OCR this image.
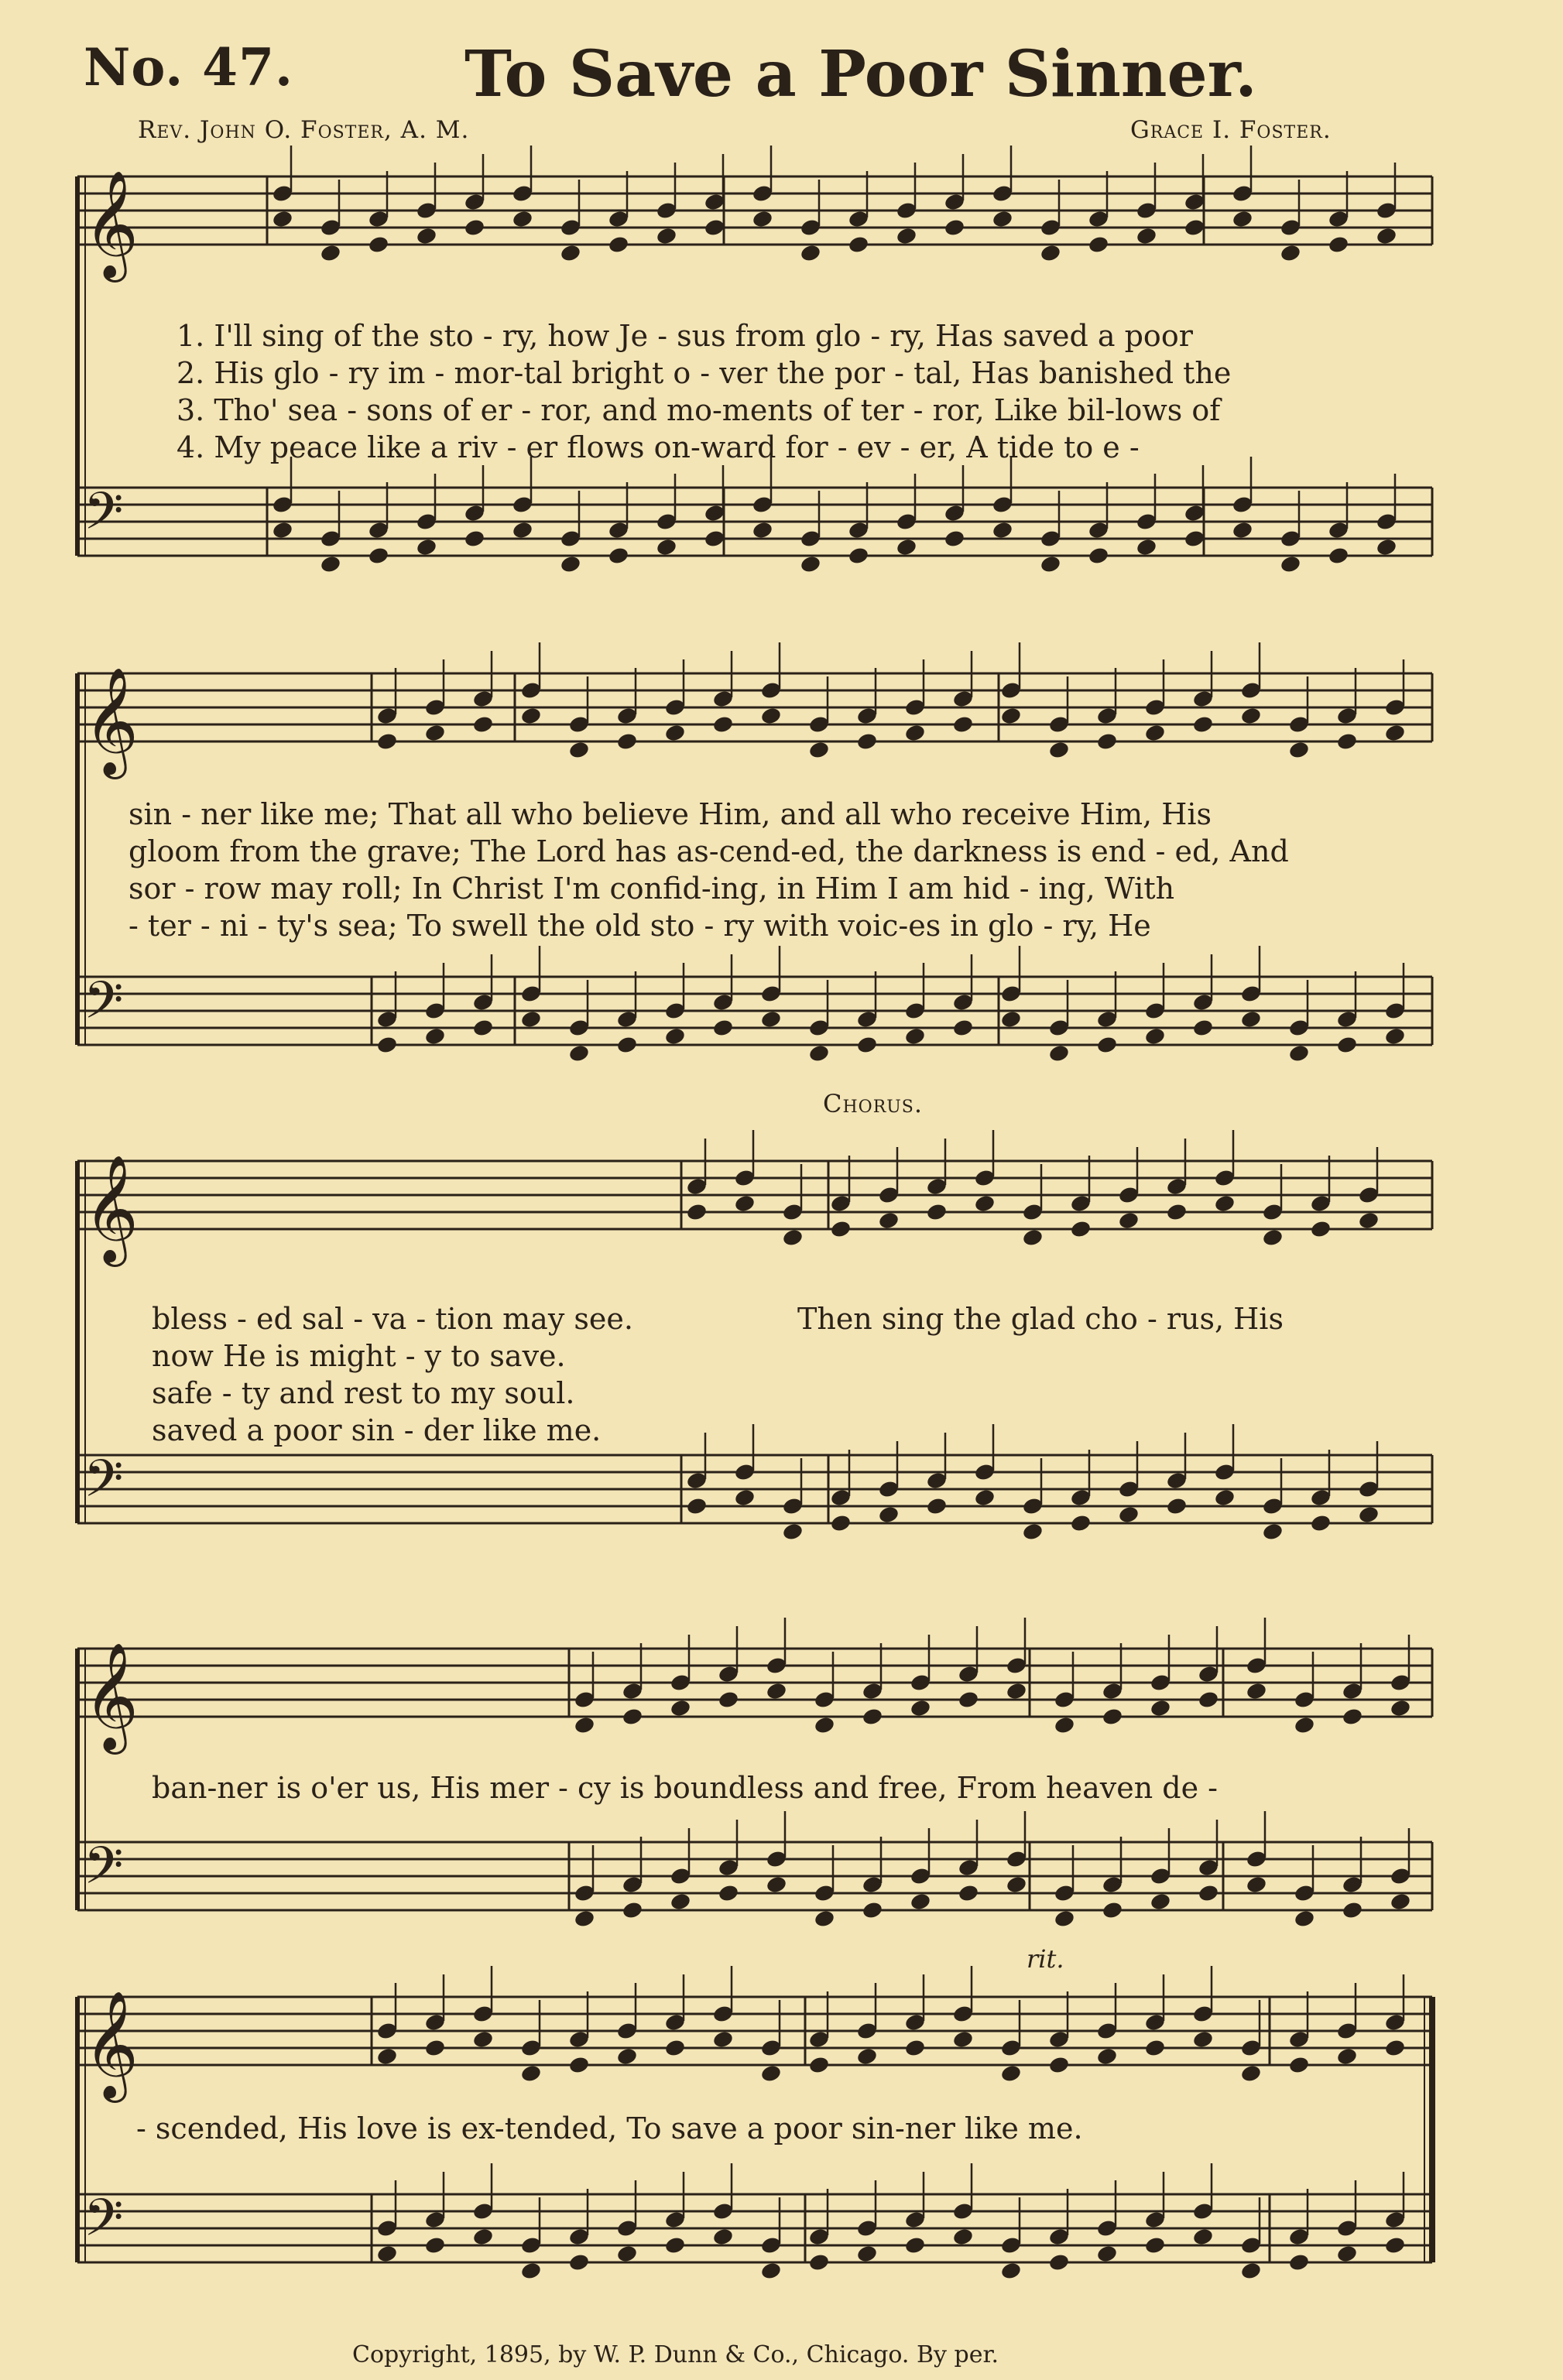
No. 47.	To Save a Poor Sinner.
Rev. John O. Foster, A. M.	Grace I. Foster.
𝄞
𝄢
𝄞
𝄢
𝄞
𝄢
𝄞
𝄢
𝄞
𝄢
1. I'll sing of the sto - ry, how Je - sus from glo - ry, Has saved a poor
2. His glo - ry im - mor-tal bright o - ver the por - tal, Has banished the
3. Tho' sea - sons of er - ror, and mo-ments of ter - ror, Like bil-lows of
4. My peace like a riv - er flows on-ward for - ev - er, A tide to e -
sin - ner like me; That all who believe Him, and all who receive Him, His
gloom from the grave; The Lord has as-cend-ed, the darkness is end - ed, And
sor - row may roll; In Christ I'm confid-ing, in Him I am hid - ing, With
- ter - ni - ty's sea; To swell the old sto - ry with voic-es in glo - ry, He
Chorus.
bless - ed sal - va - tion may see.
now He is might - y to save.
safe - ty and rest to my soul.
saved a poor sin - der like me.
Then sing the glad cho - rus, His
ban-ner is o'er us, His mer - cy is boundless and free, From heaven de -
rit.
- scended, His love is ex-tended, To save a poor sin-ner like me.
Copyright, 1895, by W. P. Dunn & Co., Chicago. By per.
